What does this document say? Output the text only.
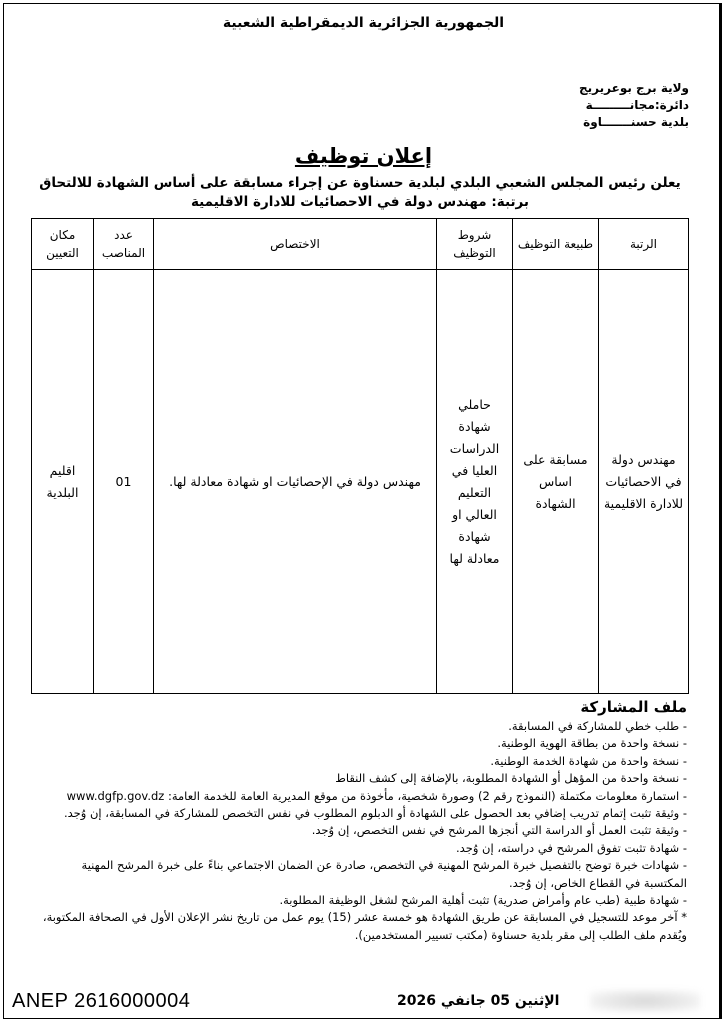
الجمهورية الجزائرية الديمقراطية الشعبية
ولاية برج بوعريريج
دائرة:مجانـــــــــة
بلدية حسنـــــــاوة
إعلان توظيف
يعلن رئيس المجلس الشعبي البلدي لبلدية حسناوة عن إجراء مسابقة على أساس الشهادة للالتحاق برتبة: مهندس دولة في الاحصائيات للادارة الاقليمية
الرتبة	طبيعة التوظيف	شروط التوظيف	الاختصاص	عدد المناصب	مكان التعيين
مهندس دولة في الاحصائيات للادارة الاقليمية	مسابقة على اساس الشهادة	حاملي شهادة الدراسات العليا في التعليم العالي او شهادة معادلة لها	مهندس دولة في الإحصائيات او شهادة معادلة لها.	01	اقليم البلدية
ملف المشاركة
- طلب خطي للمشاركة في المسابقة.
- نسخة واحدة من بطاقة الهوية الوطنية.
- نسخة واحدة من شهادة الخدمة الوطنية.
- نسخة واحدة من المؤهل أو الشهادة المطلوبة، بالإضافة إلى كشف النقاط
- استمارة معلومات مكتملة (النموذج رقم 2) وصورة شخصية، مأخوذة من موقع المديرية العامة للخدمة العامة: www.dgfp.gov.dz
- وثيقة تثبت إتمام تدريب إضافي بعد الحصول على الشهادة أو الدبلوم المطلوب في نفس التخصص للمشاركة في المسابقة، إن وُجد.
- وثيقة تثبت العمل أو الدراسة التي أنجزها المرشح في نفس التخصص، إن وُجد.
- شهادة تثبت تفوق المرشح في دراسته، إن وُجد.
- شهادات خبرة توضح بالتفصيل خبرة المرشح المهنية في التخصص، صادرة عن الضمان الاجتماعي بناءً على خبرة المرشح المهنية المكتسبة في القطاع الخاص، إن وُجد.
- شهادة طبية (طب عام وأمراض صدرية) تثبت أهلية المرشح لشغل الوظيفة المطلوبة.
* آخر موعد للتسجيل في المسابقة عن طريق الشهادة هو خمسة عشر (15) يوم عمل من تاريخ نشر الإعلان الأول في الصحافة المكتوبة، ويُقدم ملف الطلب إلى مقر بلدية حسناوة (مكتب تسيير المستخدمين).
ANEP 2616000004	الإثنين 05 جانفي 2026
